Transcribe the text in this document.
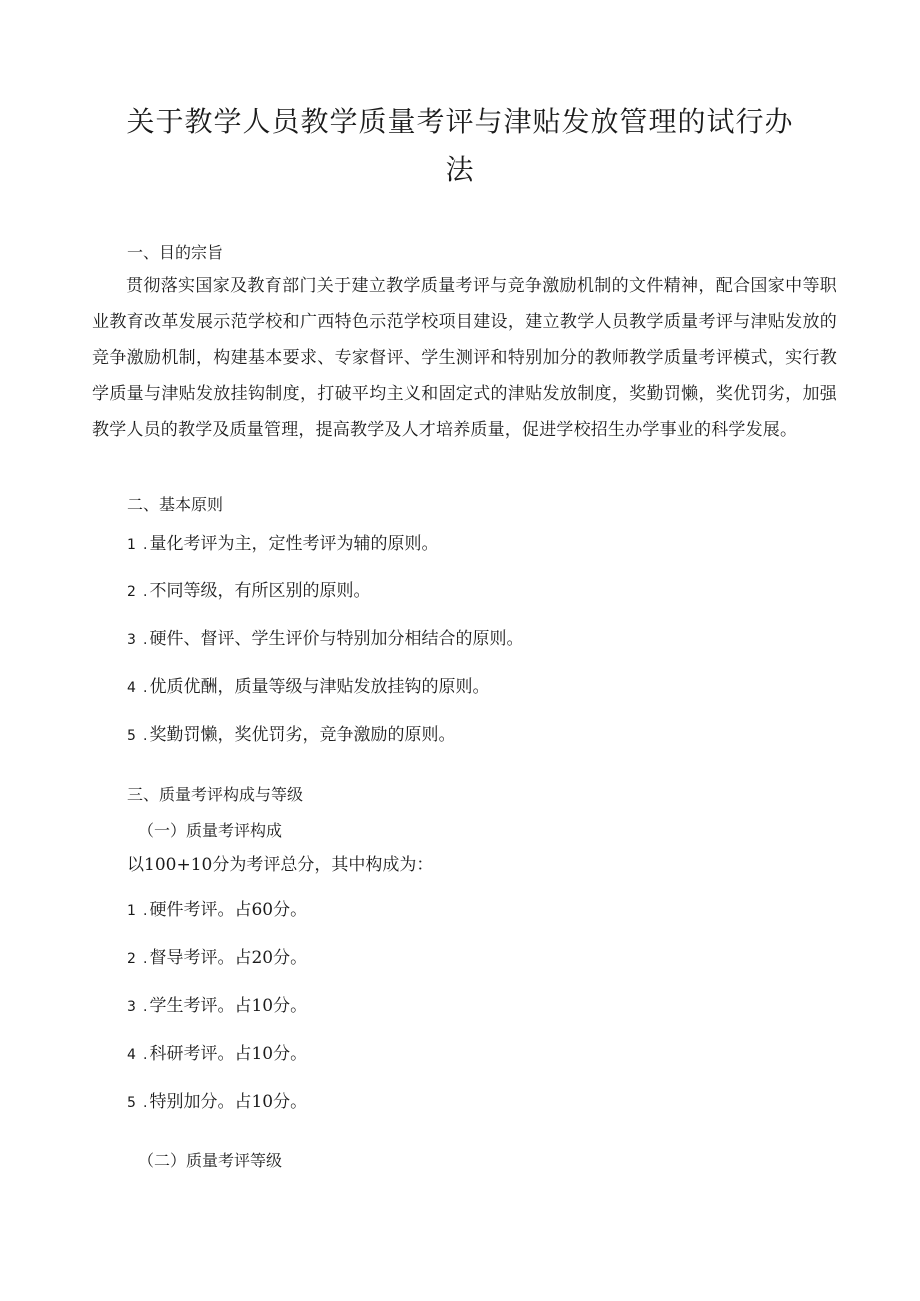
关于教学人员教学质量考评与津贴发放管理的试行办
法
一、目的宗旨

贯彻落实国家及教育部门关于建立教学质量考评与竞争激励机制的文件精神，配合国家中等职业教育改革发展示范学校和广西特色示范学校项目建设，建立教学人员教学质量考评与津贴发放的竞争激励机制，构建基本要求、专家督评、学生测评和特别加分的教师教学质量考评模式，实行教学质量与津贴发放挂钩制度，打破平均主义和固定式的津贴发放制度，奖勤罚懒，奖优罚劣，加强教学人员的教学及质量管理，提高教学及人才培养质量，促进学校招生办学事业的科学发展。

二、基本原则
1 . 量化考评为主，定性考评为辅的原则。
2 . 不同等级，有所区别的原则。
3 . 硬件、督评、学生评价与特别加分相结合的原则。
4 . 优质优酬，质量等级与津贴发放挂钩的原则。
5 . 奖勤罚懒，奖优罚劣，竞争激励的原则。
三、质量考评构成与等级
（一）质量考评构成
以100+10分为考评总分，其中构成为：
1 . 硬件考评。占60分。
2 . 督导考评。占20分。
3 . 学生考评。占10分。
4 . 科研考评。占10分。
5 . 特别加分。占10分。
（二）质量考评等级
